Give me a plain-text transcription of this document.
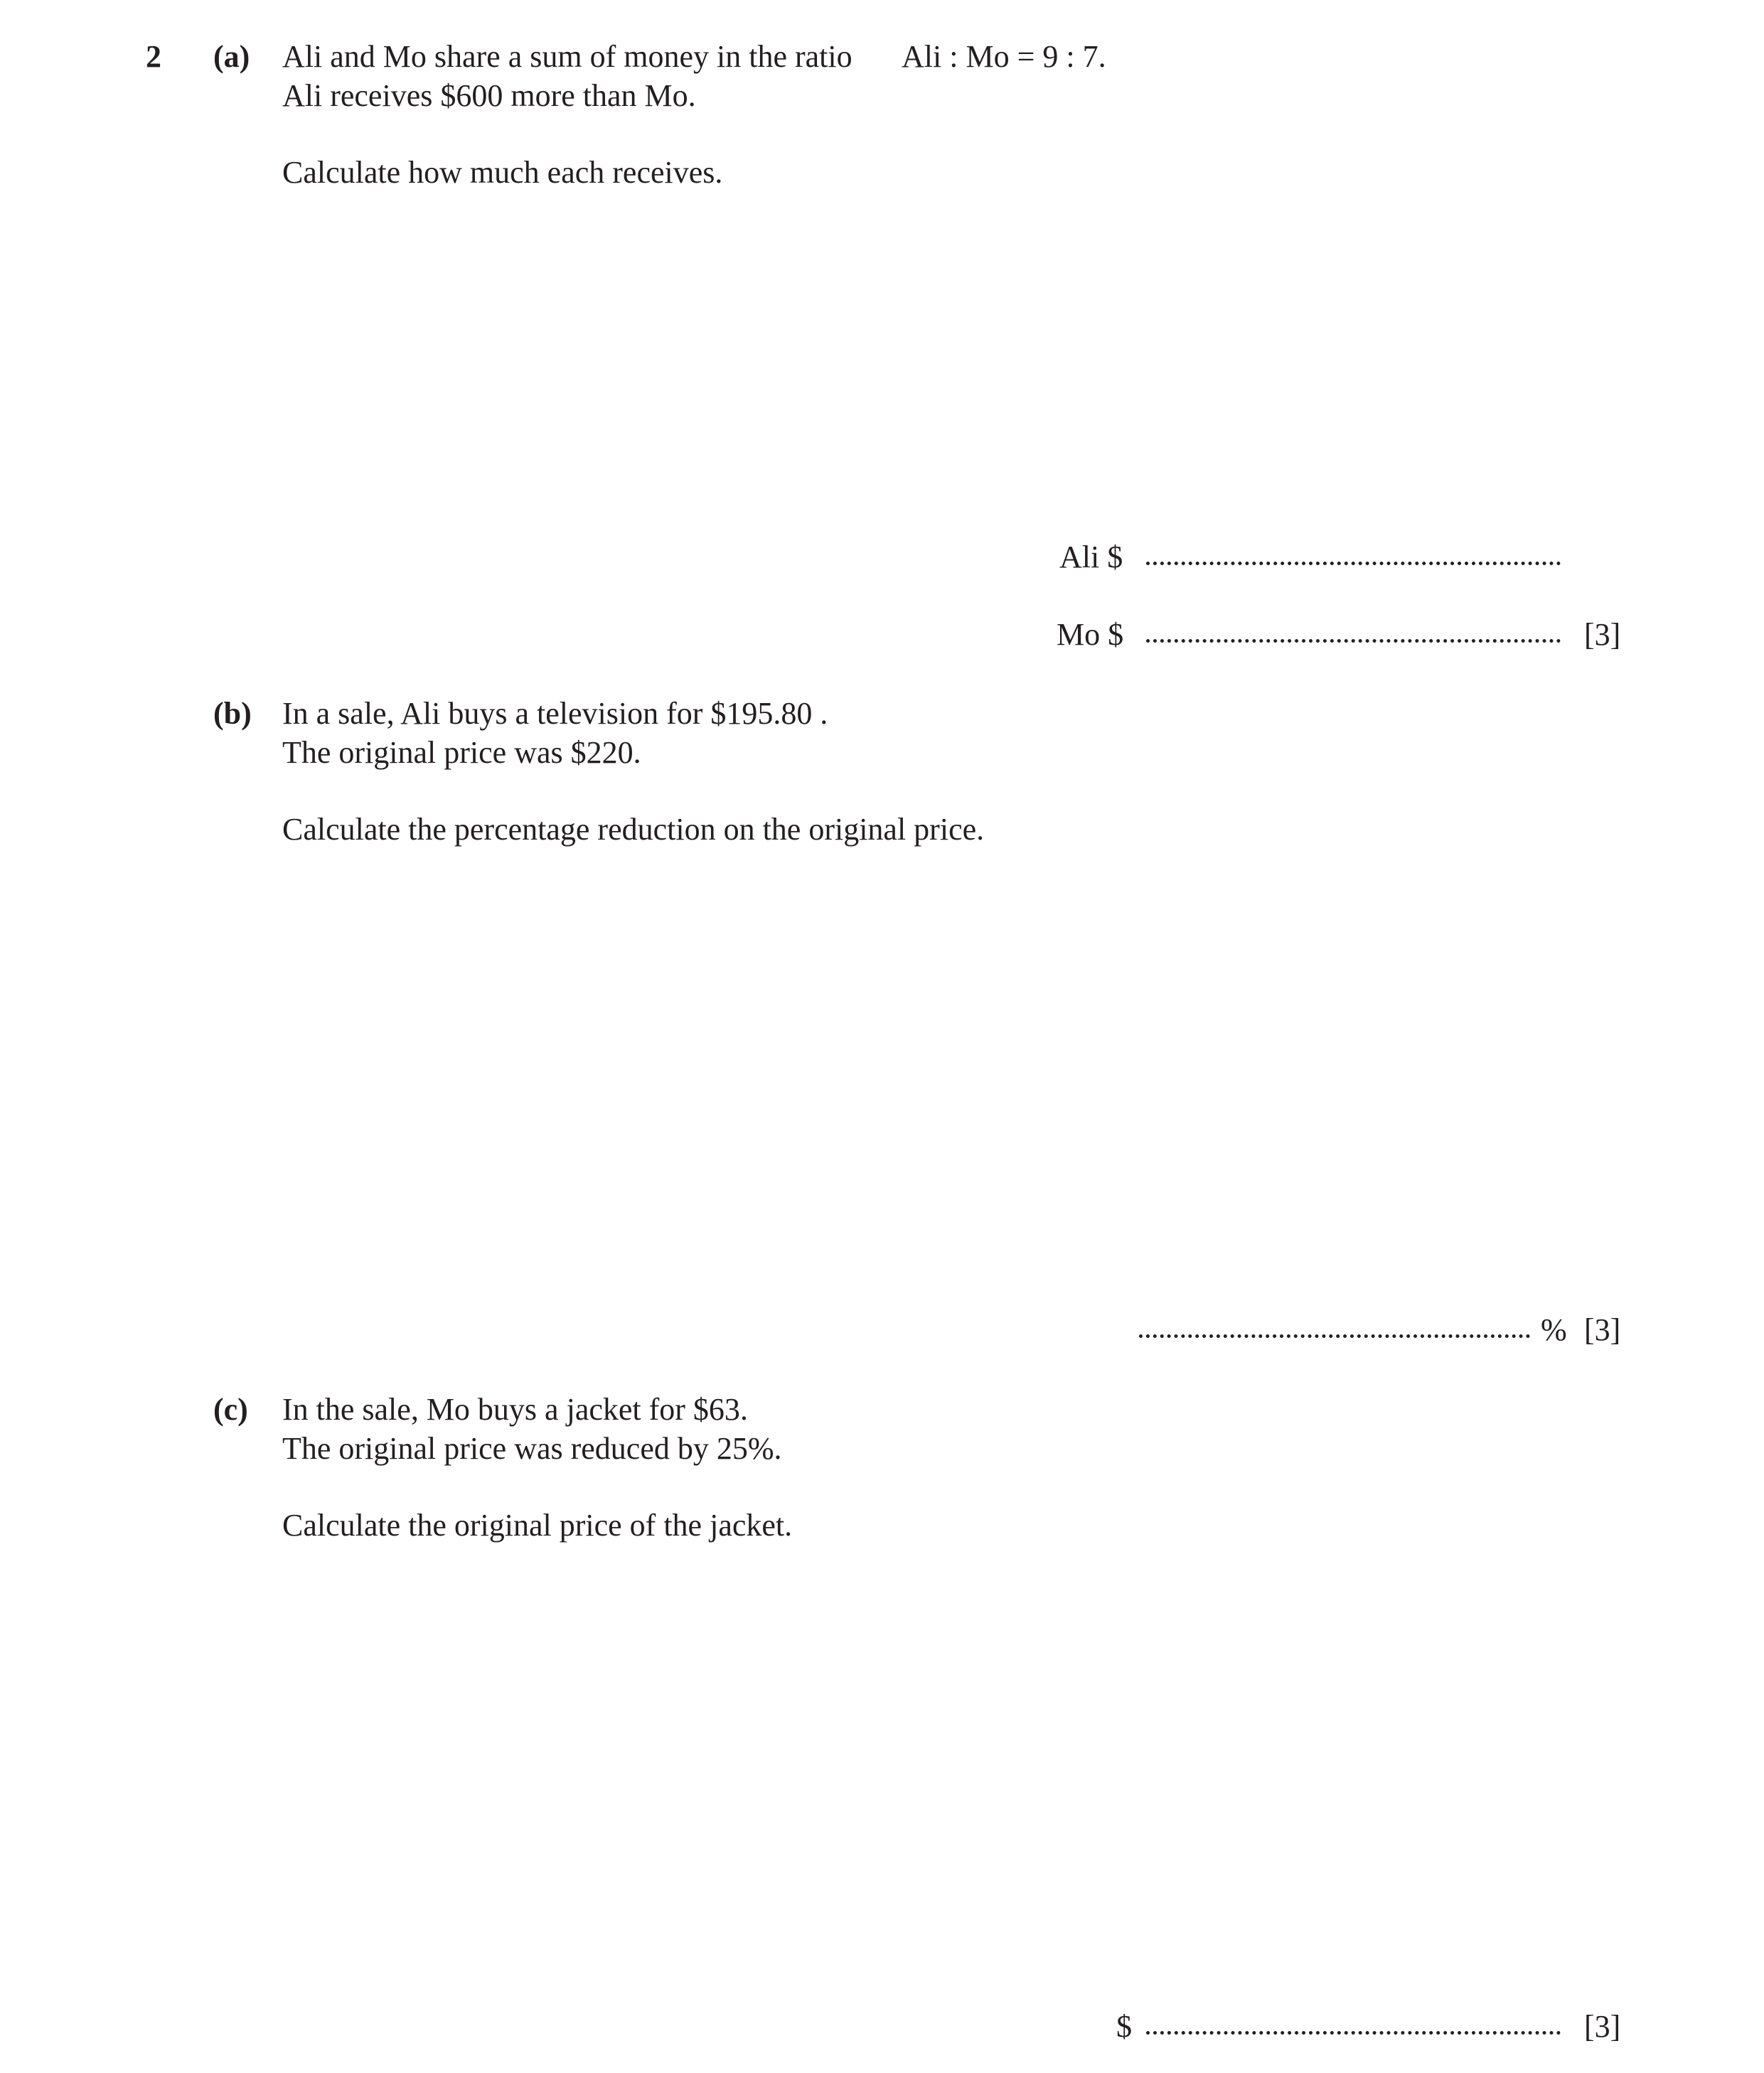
2 (a) Ali and Mo share a sum of money in the ratio Ali : Mo = 9 : 7.
Ali receives $600 more than Mo.
Calculate how much each receives.
Ali $
Mo $	[3]
(b) In a sale, Ali buys a television for $195.80 .
The original price was $220.
Calculate the percentage reduction on the original price.
% [3]
(c) In the sale, Mo buys a jacket for $63.
The original price was reduced by 25%.
Calculate the original price of the jacket.
$	[3]
